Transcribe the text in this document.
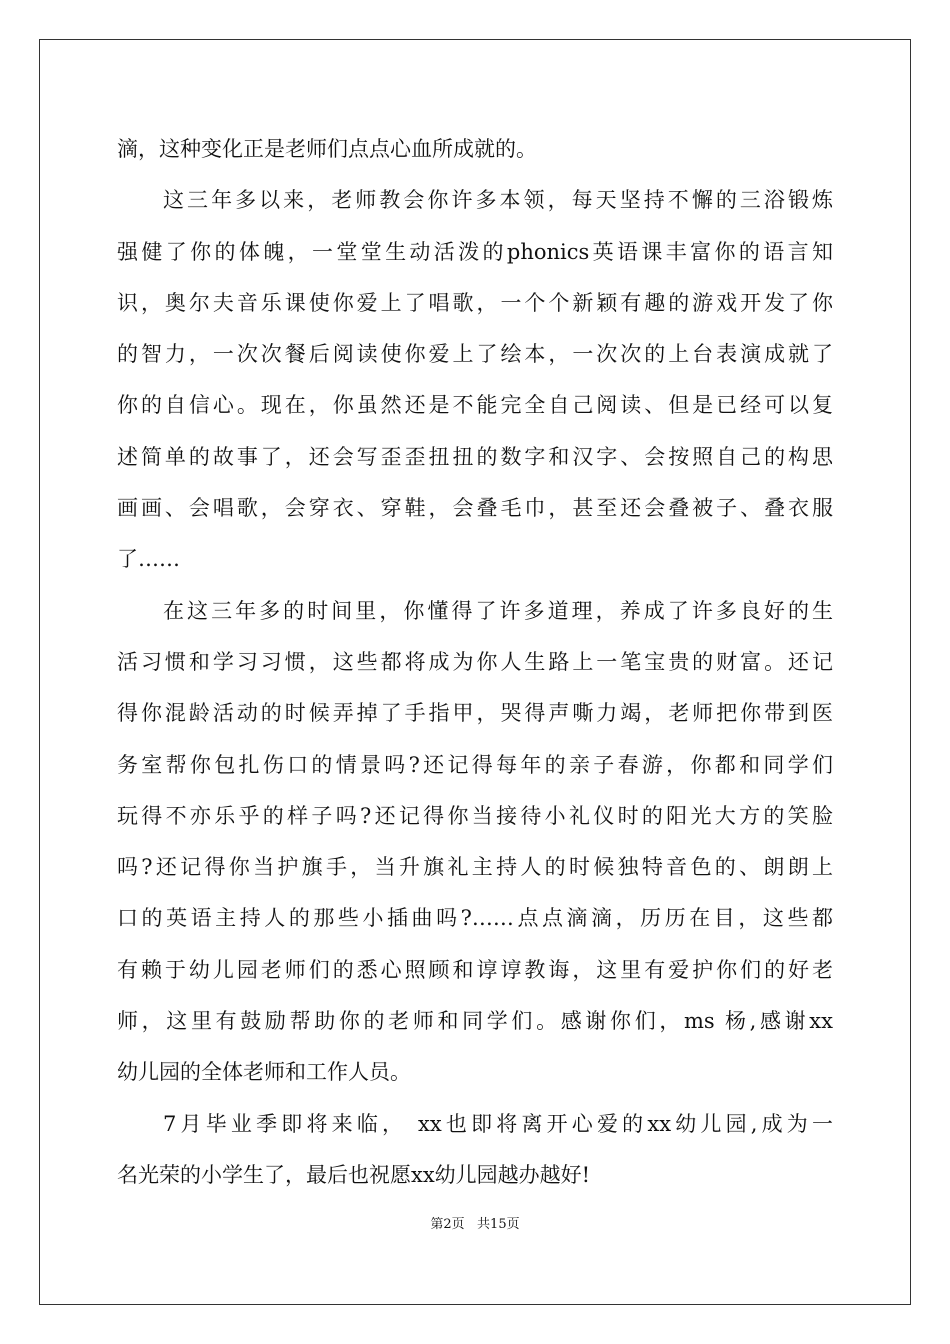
滴，这种变化正是老师们点点心血所成就的。
这三年多以来，老师教会你许多本领，每天坚持不懈的三浴锻炼
强健了你的体魄，一堂堂生动活泼的phonics英语课丰富你的语言知
识，奥尔夫音乐课使你爱上了唱歌，一个个新颖有趣的游戏开发了你
的智力，一次次餐后阅读使你爱上了绘本，一次次的上台表演成就了
你的自信心。现在，你虽然还是不能完全自己阅读、但是已经可以复
述简单的故事了，还会写歪歪扭扭的数字和汉字、会按照自己的构思
画画、会唱歌，会穿衣、穿鞋，会叠毛巾，甚至还会叠被子、叠衣服
了……
在这三年多的时间里，你懂得了许多道理，养成了许多良好的生
活习惯和学习习惯，这些都将成为你人生路上一笔宝贵的财富。还记
得你混龄活动的时候弄掉了手指甲，哭得声嘶力竭，老师把你带到医
务室帮你包扎伤口的情景吗?还记得每年的亲子春游，你都和同学们
玩得不亦乐乎的样子吗?还记得你当接待小礼仪时的阳光大方的笑脸
吗?还记得你当护旗手，当升旗礼主持人的时候独特音色的、朗朗上
口的英语主持人的那些小插曲吗?……点点滴滴，历历在目，这些都
有赖于幼儿园老师们的悉心照顾和谆谆教诲，这里有爱护你们的好老
师，这里有鼓励帮助你的老师和同学们。感谢你们，ms 杨,感谢xx
幼儿园的全体老师和工作人员。
7月毕业季即将来临， xx也即将离开心爱的xx幼儿园,成为一
名光荣的小学生了，最后也祝愿xx幼儿园越办越好!
第2页   共15页
